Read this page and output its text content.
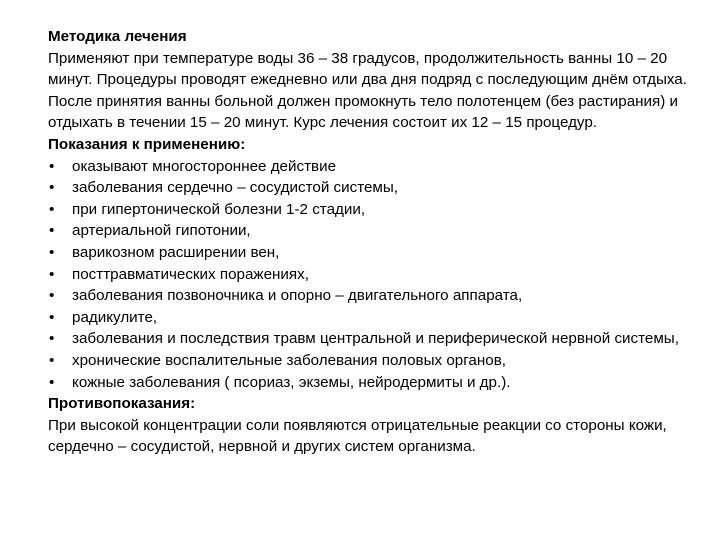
Методика лечения

Применяют при температуре воды 36 – 38 градусов, продолжительность ванны 10 – 20 минут. Процедуры проводят ежедневно или два дня подряд с последующим днём отдыха. После принятия ванны больной должен промокнуть тело полотенцем (без растирания) и отдыхать в течении 15 – 20 минут. Курс лечения состоит их 12 – 15 процедур.

Показания к применению:

• оказывают многостороннее действие
• заболевания сердечно – сосудистой системы,
• при гипертонической болезни 1-2 стадии,
• артериальной гипотонии,
• варикозном расширении вен,
• посттравматических поражениях,
• заболевания позвоночника и опорно – двигательного аппарата,
• радикулите,
• заболевания и последствия травм центральной и периферической нервной системы,
• хронические воспалительные заболевания половых органов,
• кожные заболевания ( псориаз, экземы, нейродермиты и др.).

Противопоказания:

При высокой концентрации соли появляются отрицательные реакции со стороны кожи, сердечно – сосудистой, нервной и других систем организма.
